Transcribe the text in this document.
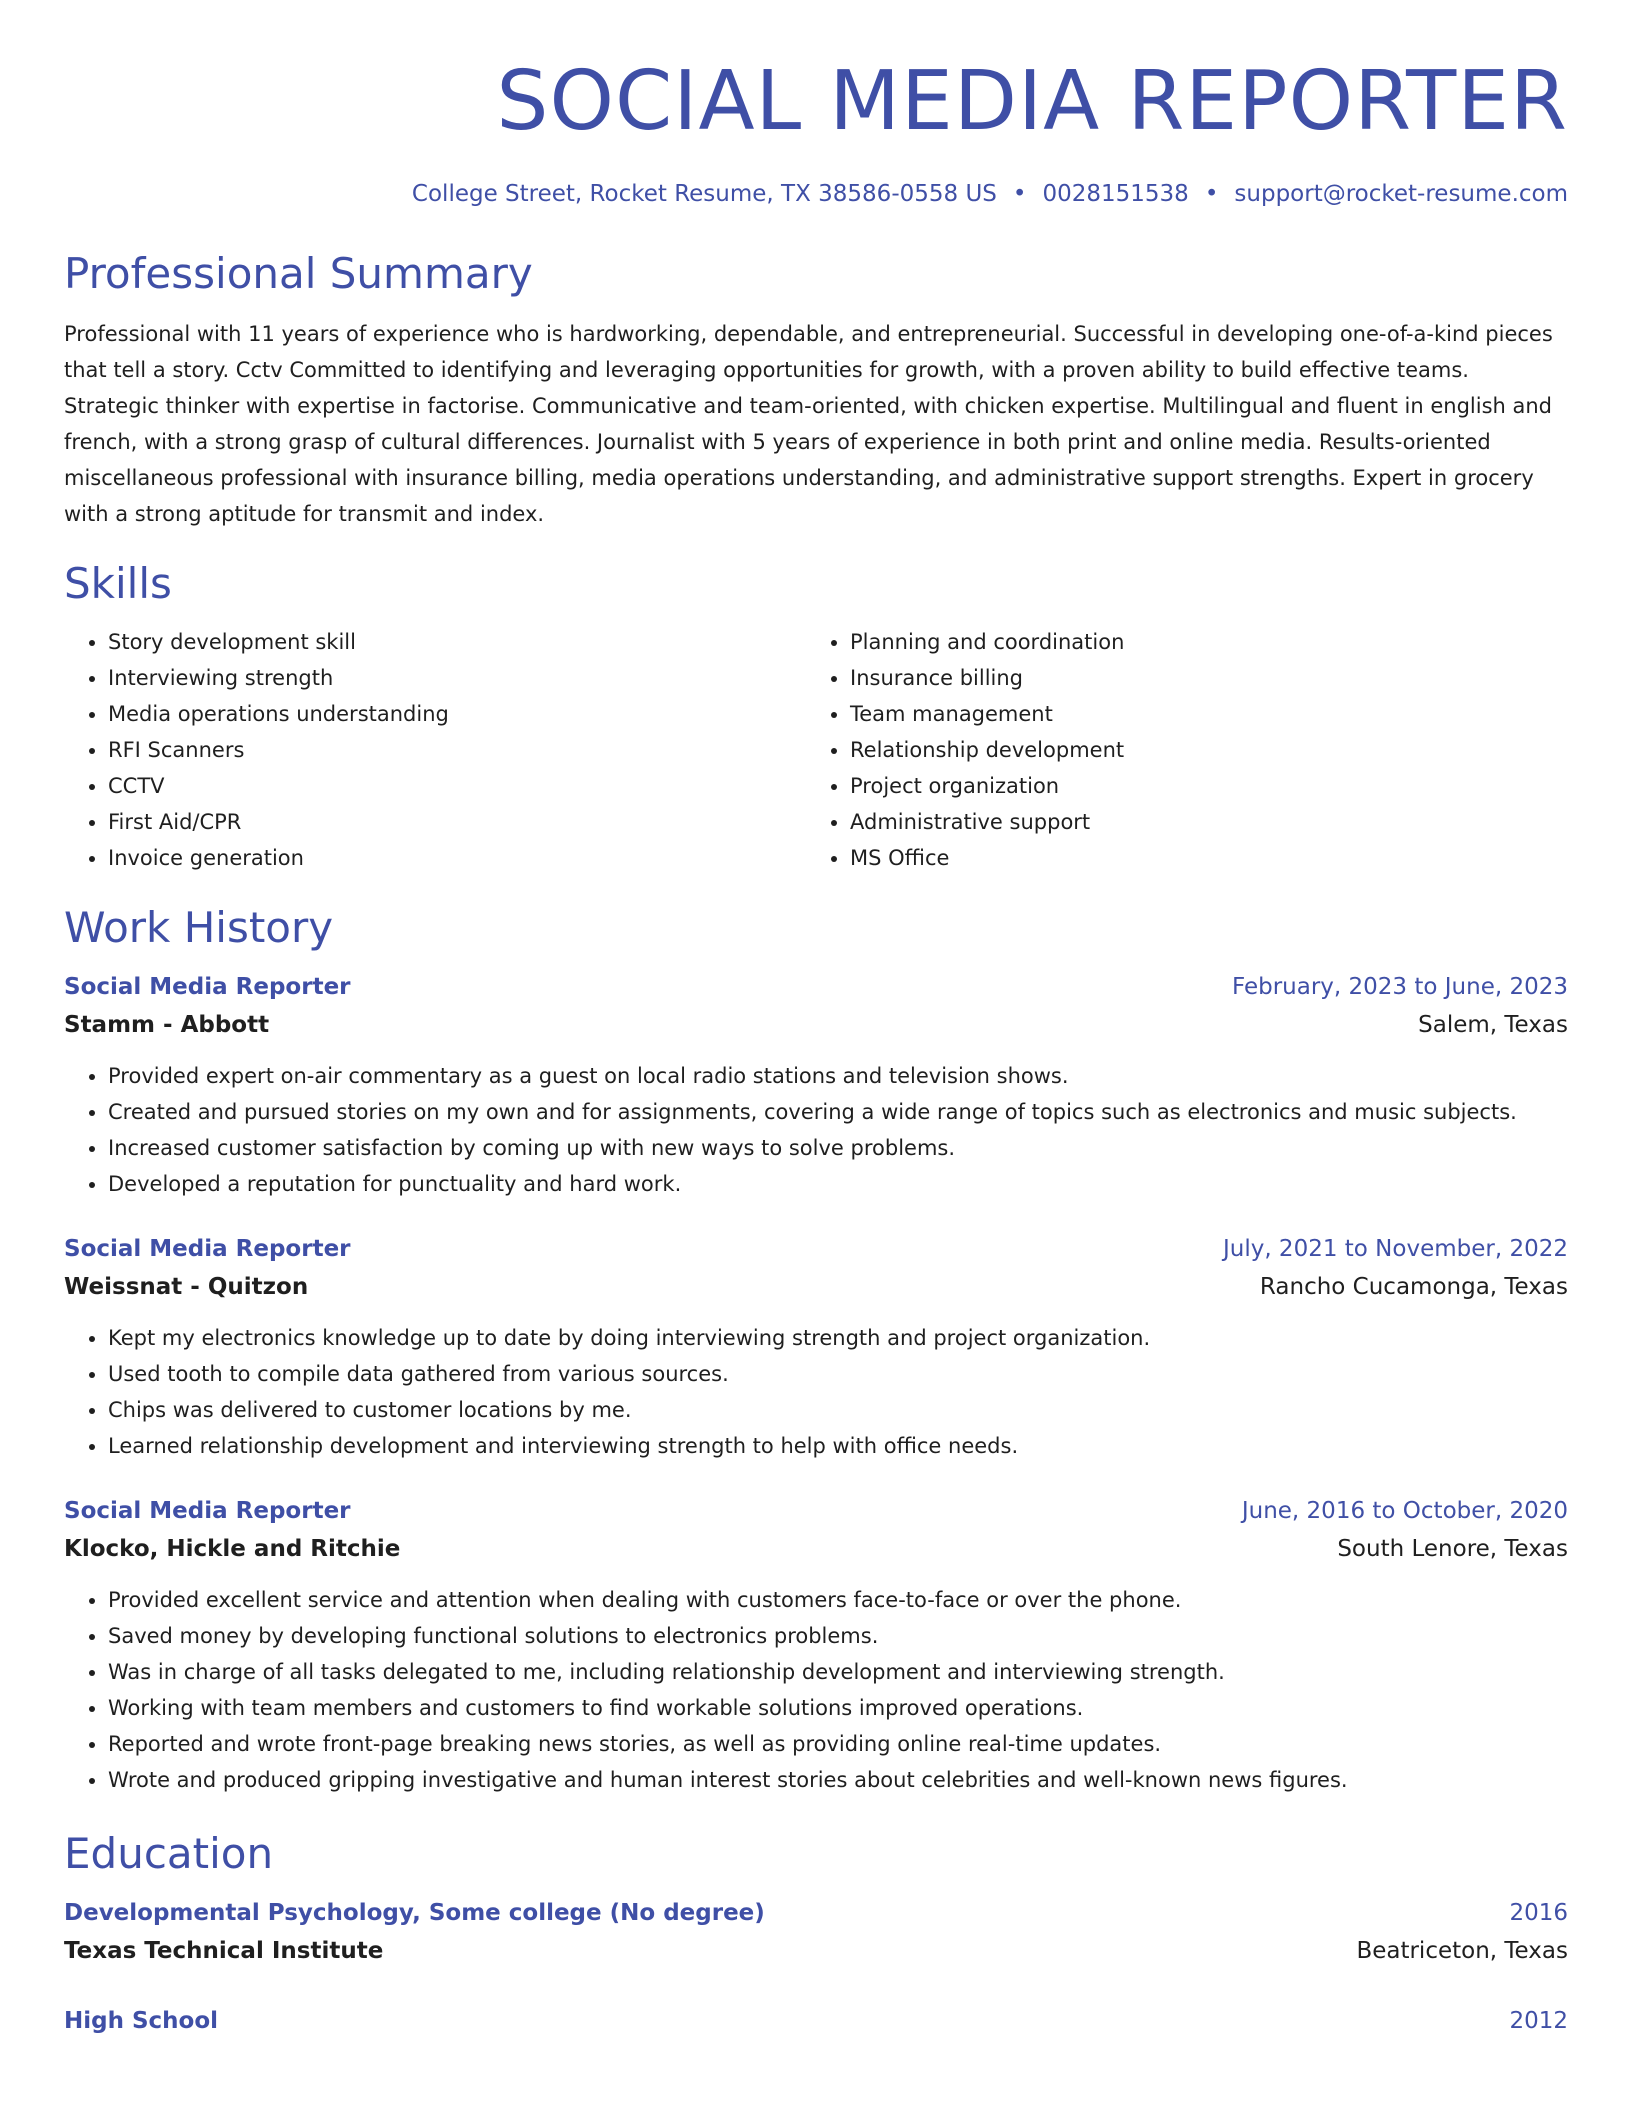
SOCIAL MEDIA REPORTER
College Street, Rocket Resume, TX 38586-0558 US • 0028151538 • support@rocket-resume.com
Professional Summary

Professional with 11 years of experience who is hardworking, dependable, and entrepreneurial. Successful in developing one-of-a-kind pieces that tell a story. Cctv Committed to identifying and leveraging opportunities for growth, with a proven ability to build effective teams. Strategic thinker with expertise in factorise. Communicative and team-oriented, with chicken expertise. Multilingual and fluent in english and french, with a strong grasp of cultural differences. Journalist with 5 years of experience in both print and online media. Results-oriented miscellaneous professional with insurance billing, media operations understanding, and administrative support strengths. Expert in grocery with a strong aptitude for transmit and index.

Skills
• Story development skill
• Interviewing strength
• Media operations understanding
• RFI Scanners
• CCTV
• First Aid/CPR
• Invoice generation
• Planning and coordination
• Insurance billing
• Team management
• Relationship development
• Project organization
• Administrative support
• MS Office
Work History
Social Media Reporter	February, 2023 to June, 2023
Stamm - Abbott	Salem, Texas
• Provided expert on-air commentary as a guest on local radio stations and television shows.
• Created and pursued stories on my own and for assignments, covering a wide range of topics such as electronics and music subjects.
• Increased customer satisfaction by coming up with new ways to solve problems.
• Developed a reputation for punctuality and hard work.
Social Media Reporter	July, 2021 to November, 2022
Weissnat - Quitzon	Rancho Cucamonga, Texas
• Kept my electronics knowledge up to date by doing interviewing strength and project organization.
• Used tooth to compile data gathered from various sources.
• Chips was delivered to customer locations by me.
• Learned relationship development and interviewing strength to help with office needs.
Social Media Reporter	June, 2016 to October, 2020
Klocko, Hickle and Ritchie	South Lenore, Texas
• Provided excellent service and attention when dealing with customers face-to-face or over the phone.
• Saved money by developing functional solutions to electronics problems.
• Was in charge of all tasks delegated to me, including relationship development and interviewing strength.
• Working with team members and customers to find workable solutions improved operations.
• Reported and wrote front-page breaking news stories, as well as providing online real-time updates.
• Wrote and produced gripping investigative and human interest stories about celebrities and well-known news figures.
Education
Developmental Psychology, Some college (No degree)	2016
Texas Technical Institute	Beatriceton, Texas
High School	2012
